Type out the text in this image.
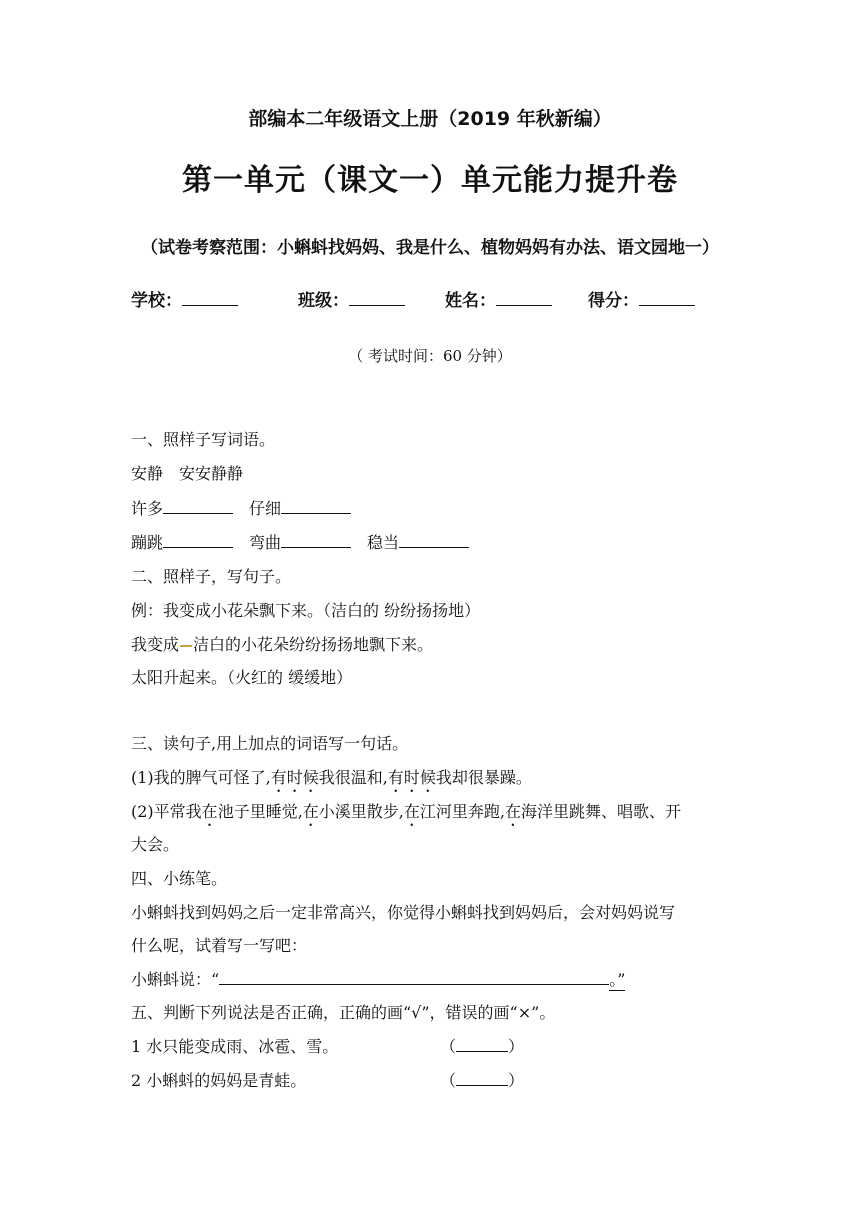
部编本二年级语文上册（2019 年秋新编）
第一单元（课文一）单元能力提升卷
（试卷考察范围：小蝌蚪找妈妈、我是什么、植物妈妈有办法、语文园地一）
学校：	班级：	姓名：	得分：
（ 考试时间：60 分钟）
一、照样子写词语。
安静 安安静静
许多	仔细
蹦跳	弯曲	稳当
二、照样子，写句子。
例：我变成小花朵飘下来。（洁白的 纷纷扬扬地）
我变成 洁白的小花朵纷纷扬扬地飘下来。
太阳升起来。（火红的 缓缓地）
三、读句子,用上加点的词语写一句话。
(1)我的脾气可怪了,有时候我很温和,有时候我却很暴躁。
(2)平常我在池子里睡觉,在小溪里散步,在江河里奔跑,在海洋里跳舞、唱歌、开
大会。
四、小练笔。
小蝌蚪找到妈妈之后一定非常高兴，你觉得小蝌蚪找到妈妈后，会对妈妈说写
什么呢，试着写一写吧：
小蝌蚪说：“	。”
五、判断下列说法是否正确，正确的画“√”，错误的画“×”。
1 水只能变成雨、冰雹、雪。	（	）
2 小蝌蚪的妈妈是青蛙。	（	）
